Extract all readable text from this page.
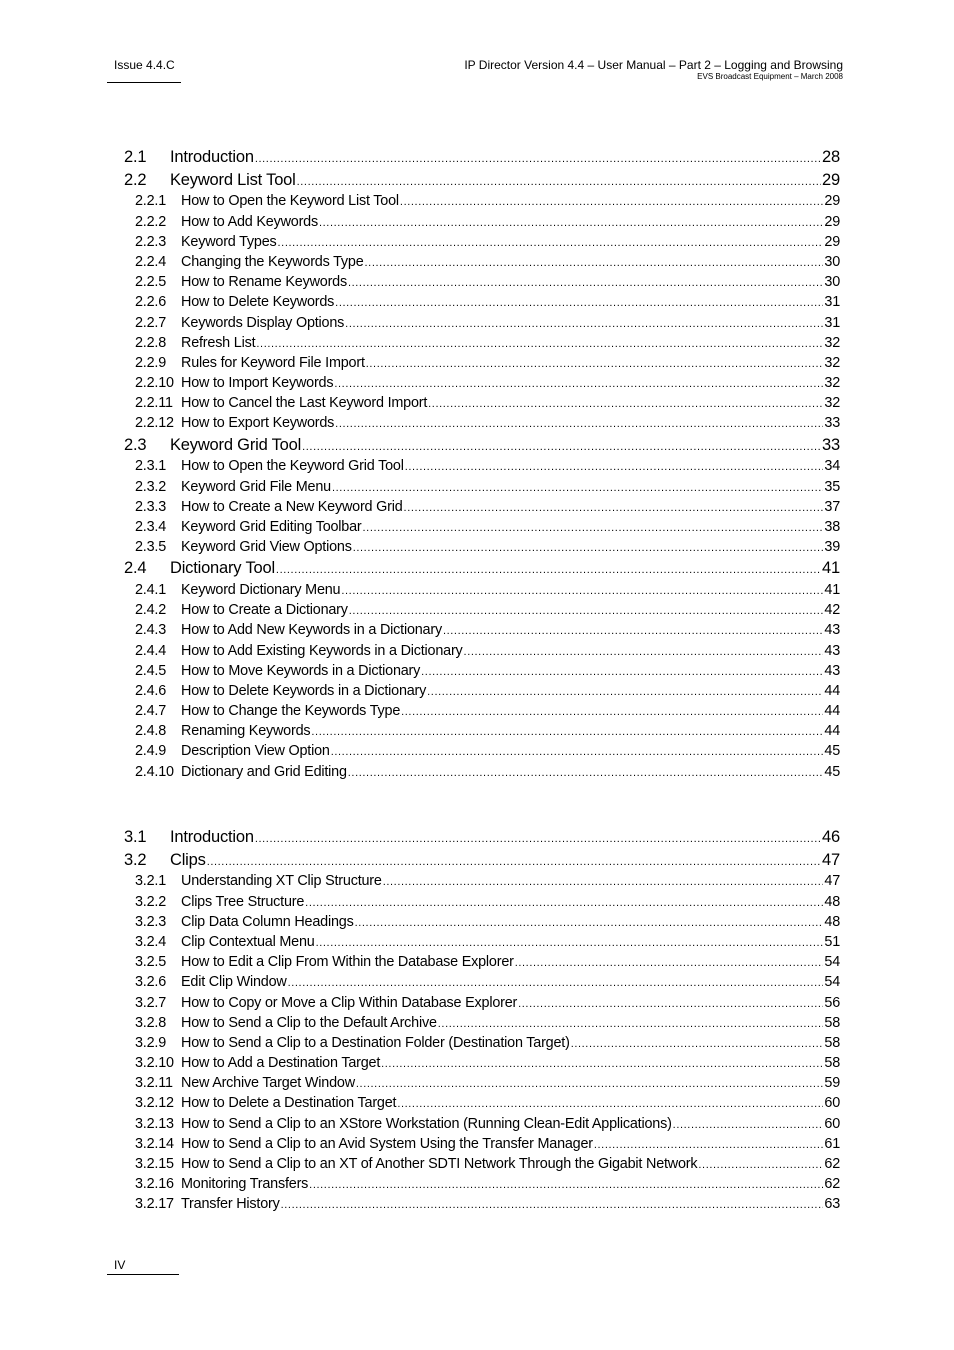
Issue 4.4.C	IP Director Version 4.4 – User Manual – Part 2 – Logging and Browsing
EVS Broadcast Equipment – March 2008
2.1	Introduction .....	28
2.2	Keyword List Tool .....	29
2.2.1	How to Open the Keyword List Tool .....	29
2.2.2	How to Add Keywords .....	29
2.2.3	Keyword Types .....	29
2.2.4	Changing the Keywords Type .....	30
2.2.5	How to Rename Keywords .....	30
2.2.6	How to Delete Keywords .....	31
2.2.7	Keywords Display Options .....	31
2.2.8	Refresh List .....	32
2.2.9	Rules for Keyword File Import .....	32
2.2.10 How to Import Keywords .....	32
2.2.11 How to Cancel the Last Keyword Import .....	32
2.2.12 How to Export Keywords .....	33
2.3	Keyword Grid Tool .....	33
2.3.1	How to Open the Keyword Grid Tool .....	34
2.3.2	Keyword Grid File Menu .....	35
2.3.3	How to Create a New Keyword Grid .....	37
2.3.4	Keyword Grid Editing Toolbar .....	38
2.3.5	Keyword Grid View Options .....	39
2.4	Dictionary Tool .....	41
2.4.1	Keyword Dictionary Menu .....	41
2.4.2	How to Create a Dictionary .....	42
2.4.3	How to Add New Keywords in a Dictionary .....	43
2.4.4	How to Add Existing Keywords in a Dictionary .....	43
2.4.5	How to Move Keywords in a Dictionary .....	43
2.4.6	How to Delete Keywords in a Dictionary .....	44
2.4.7	How to Change the Keywords Type .....	44
2.4.8	Renaming Keywords .....	44
2.4.9	Description View Option .....	45
2.4.10 Dictionary and Grid Editing .....	45
3.1	Introduction .....	46
3.2	Clips .....	47
3.2.1	Understanding XT Clip Structure .....	47
3.2.2	Clips Tree Structure .....	48
3.2.3	Clip Data Column Headings .....	48
3.2.4	Clip Contextual Menu .....	51
3.2.5	How to Edit a Clip From Within the Database Explorer .....	54
3.2.6	Edit Clip Window .....	54
3.2.7	How to Copy or Move a Clip Within Database Explorer .....	56
3.2.8	How to Send a Clip to the Default Archive .....	58
3.2.9	How to Send a Clip to a Destination Folder (Destination Target) .....	58
3.2.10 How to Add a Destination Target .....	58
3.2.11 New Archive Target Window .....	59
3.2.12 How to Delete a Destination Target .....	60
3.2.13 How to Send a Clip to an XStore Workstation (Running Clean-Edit Applications) .....	60
3.2.14 How to Send a Clip to an Avid System Using the Transfer Manager .....	61
3.2.15 How to Send a Clip to an XT of Another SDTI Network Through the Gigabit Network .....	62
3.2.16 Monitoring Transfers .....	62
3.2.17 Transfer History .....	63
IV
